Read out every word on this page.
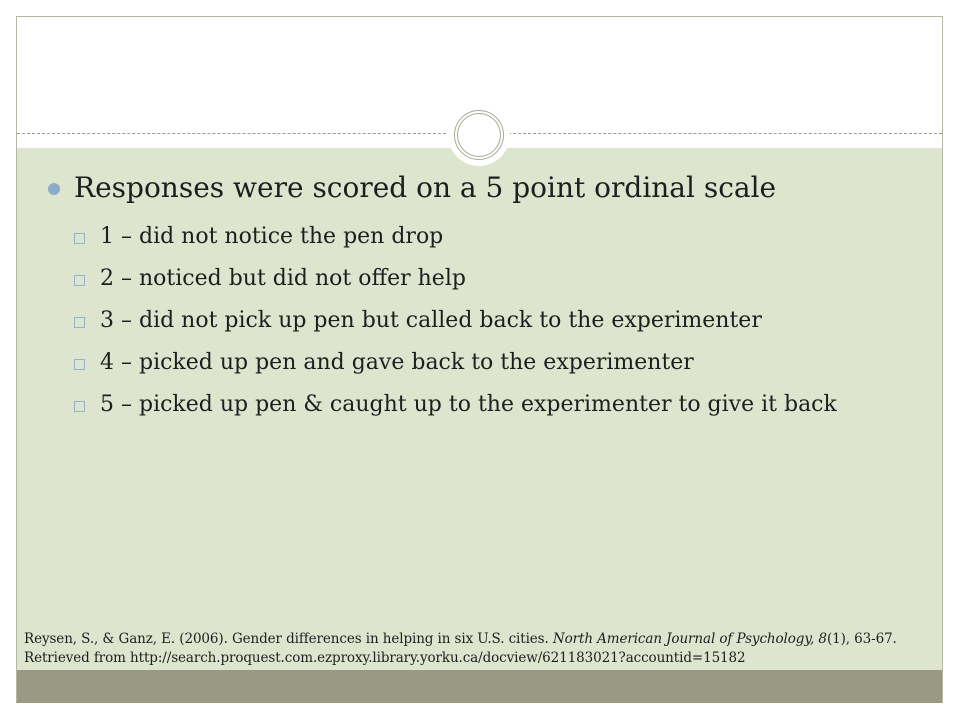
Responses were scored on a 5 point ordinal scale
1 – did not notice the pen drop
2 – noticed but did not offer help
3 – did not pick up pen but called back to the experimenter
4 – picked up pen and gave back to the experimenter
5 – picked up pen & caught up to the experimenter to give it back
Reysen, S., & Ganz, E. (2006). Gender differences in helping in six U.S. cities. North American Journal of Psychology, 8(1), 63-67.
Retrieved from http://search.proquest.com.ezproxy.library.yorku.ca/docview/621183021?accountid=15182
